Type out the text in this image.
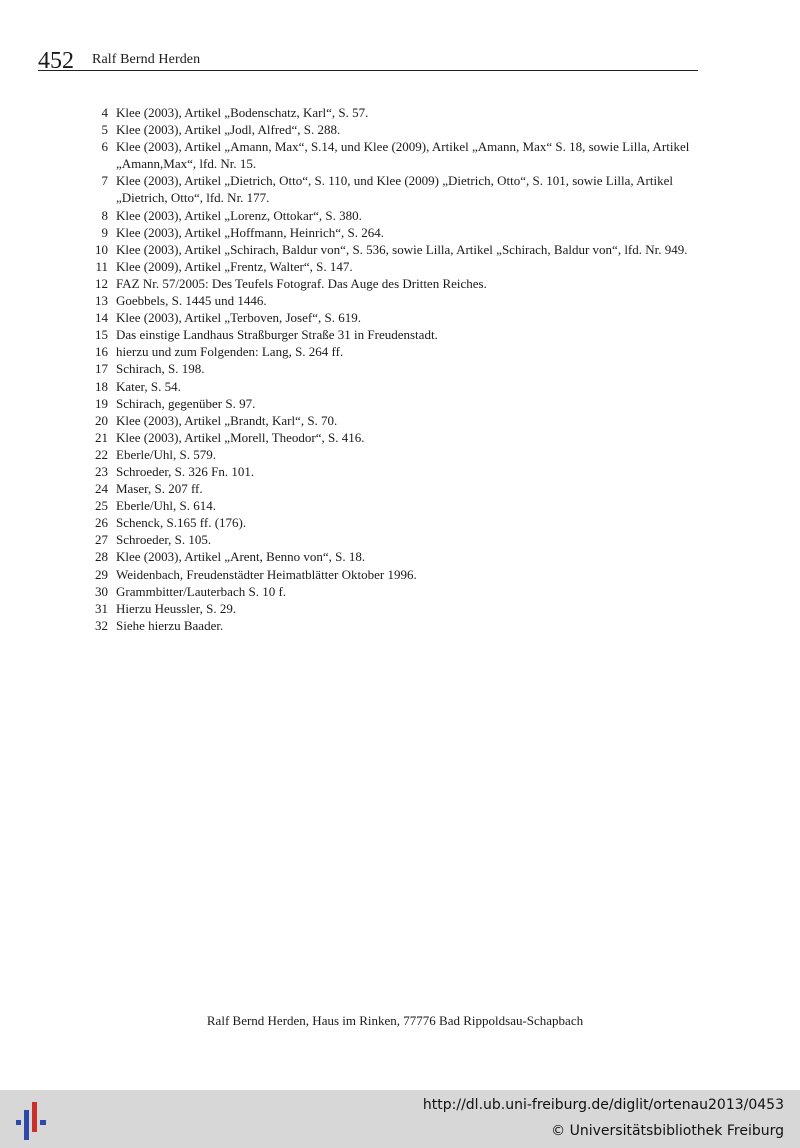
452 Ralf Bernd Herden
4 Klee (2003), Artikel „Bodenschatz, Karl“, S. 57.
5 Klee (2003), Artikel „Jodl, Alfred“, S. 288.
6 Klee (2003), Artikel „Amann, Max“, S.14, und Klee (2009), Artikel „Amann, Max“ S. 18, sowie Lilla, Artikel „Amann,Max“, lfd. Nr. 15.
7 Klee (2003), Artikel „Dietrich, Otto“, S. 110, und Klee (2009) „Dietrich, Otto“, S. 101, sowie Lilla, Artikel „Dietrich, Otto“, lfd. Nr. 177.
8 Klee (2003), Artikel „Lorenz, Ottokar“, S. 380.
9 Klee (2003), Artikel „Hoffmann, Heinrich“, S. 264.
10 Klee (2003), Artikel „Schirach, Baldur von“, S. 536, sowie Lilla, Artikel „Schirach, Baldur von“, lfd. Nr. 949.
11 Klee (2009), Artikel „Frentz, Walter“, S. 147.
12 FAZ Nr. 57/2005: Des Teufels Fotograf. Das Auge des Dritten Reiches.
13 Goebbels, S. 1445 und 1446.
14 Klee (2003), Artikel „Terboven, Josef“, S. 619.
15 Das einstige Landhaus Straßburger Straße 31 in Freudenstadt.
16 hierzu und zum Folgenden: Lang, S. 264 ff.
17 Schirach, S. 198.
18 Kater, S. 54.
19 Schirach, gegenüber S. 97.
20 Klee (2003), Artikel „Brandt, Karl“, S. 70.
21 Klee (2003), Artikel „Morell, Theodor“, S. 416.
22 Eberle/Uhl, S. 579.
23 Schroeder, S. 326 Fn. 101.
24 Maser, S. 207 ff.
25 Eberle/Uhl, S. 614.
26 Schenck, S.165 ff. (176).
27 Schroeder, S. 105.
28 Klee (2003), Artikel „Arent, Benno von“, S. 18.
29 Weidenbach, Freudenstädter Heimatblätter Oktober 1996.
30 Grammbitter/Lauterbach S. 10 f.
31 Hierzu Heussler, S. 29.
32 Siehe hierzu Baader.
Ralf Bernd Herden, Haus im Rinken, 77776 Bad Rippoldsau-Schapbach
http://dl.ub.uni-freiburg.de/diglit/ortenau2013/0453
© Universitätsbibliothek Freiburg
